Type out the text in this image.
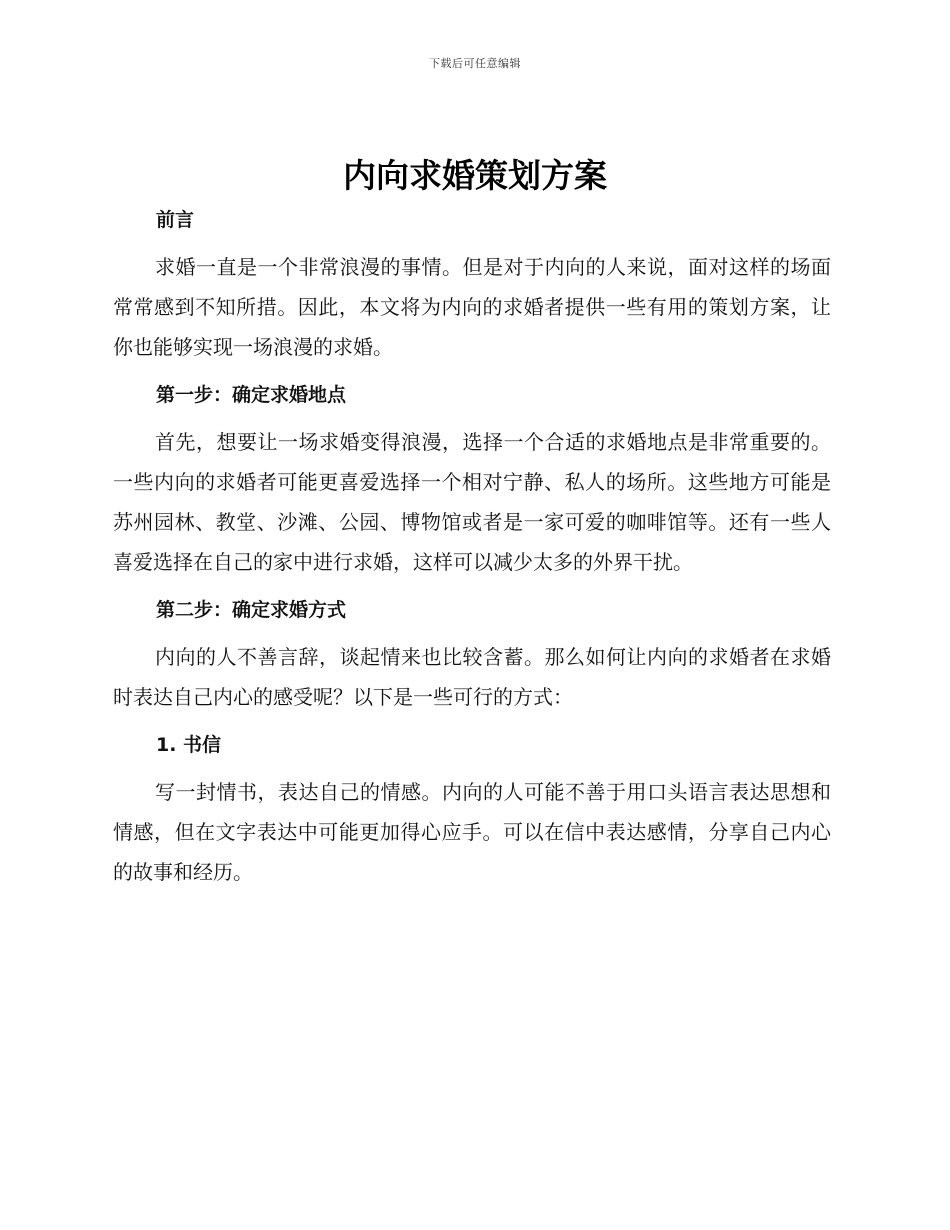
下载后可任意编辑
内向求婚策划方案
前言

求婚一直是一个非常浪漫的事情。但是对于内向的人来说，面对这样的场面常常感到不知所措。因此，本文将为内向的求婚者提供一些有用的策划方案，让你也能够实现一场浪漫的求婚。

第一步：确定求婚地点

首先，想要让一场求婚变得浪漫，选择一个合适的求婚地点是非常重要的。一些内向的求婚者可能更喜爱选择一个相对宁静、私人的场所。这些地方可能是苏州园林、教堂、沙滩、公园、博物馆或者是一家可爱的咖啡馆等。还有一些人喜爱选择在自己的家中进行求婚，这样可以减少太多的外界干扰。

第二步：确定求婚方式

内向的人不善言辞，谈起情来也比较含蓄。那么如何让内向的求婚者在求婚时表达自己内心的感受呢？以下是一些可行的方式：

1. 书信

写一封情书，表达自己的情感。内向的人可能不善于用口头语言表达思想和情感，但在文字表达中可能更加得心应手。可以在信中表达感情，分享自己内心的故事和经历。
